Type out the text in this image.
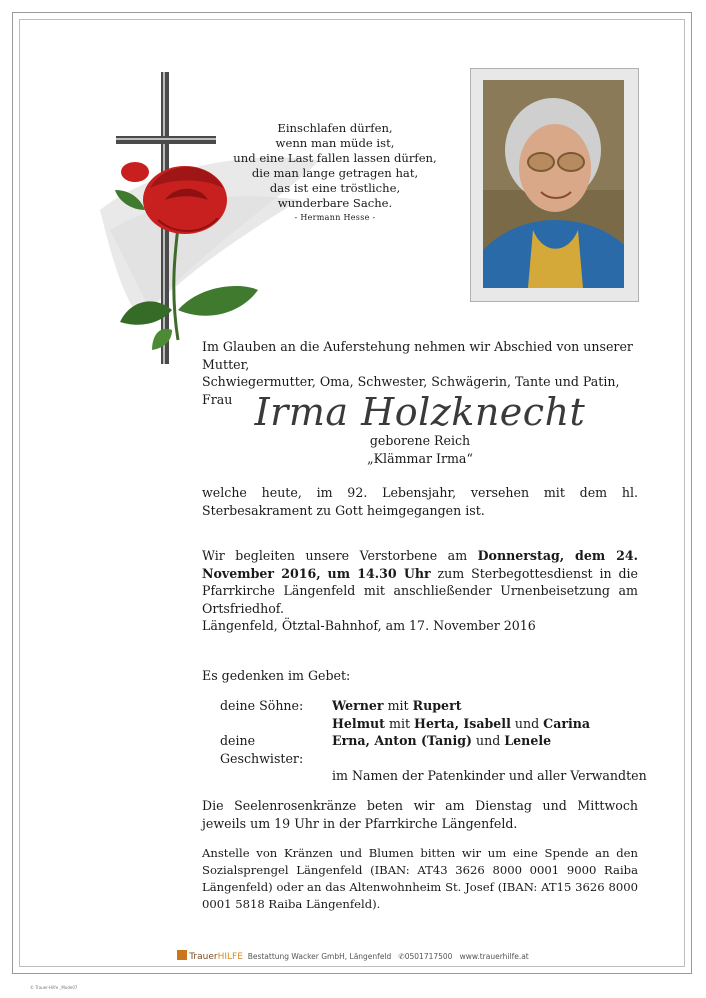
Einschlafen dürfen,
wenn man müde ist,
und eine Last fallen lassen dürfen,
die man lange getragen hat,
das ist eine tröstliche,
wunderbare Sache.
- Hermann Hesse -
Im Glauben an die Auferstehung nehmen wir Abschied von unserer Mutter,
Schwiegermutter, Oma, Schwester, Schwägerin, Tante und Patin, Frau Irma Holzknecht
geborene Reich
„Klämmar Irma“
welche heute, im 92. Lebensjahr, versehen mit dem hl. Sterbesakrament zu Gott heimgegangen ist.
Wir begleiten unsere Verstorbene am Donnerstag, dem 24. November 2016, um 14.30 Uhr zum Sterbegottesdienst in die Pfarrkirche Längenfeld mit anschließender Urnenbeisetzung am Ortsfriedhof.
Längenfeld, Ötztal-Bahnhof, am 17. November 2016
Es gedenken im Gebet:
deine Söhne:	Werner mit Rupert
Helmut mit Herta, Isabell und Carina
deine Geschwister:
Erna, Anton (Tanig) und Lenele
im Namen der Patenkinder und aller Verwandten
Die Seelenrosenkränze beten wir am Dienstag und Mittwoch jeweils um 19 Uhr in der Pfarrkirche Längenfeld.
Anstelle von Kränzen und Blumen bitten wir um eine Spende an den Sozialsprengel Längenfeld (IBAN: AT43 3626 8000 0001 9000 Raiba Längenfeld) oder an das Altenwohnheim St. Josef (IBAN: AT15 3626 8000 0001 5818 Raiba Längenfeld).
TrauerHILFE Bestattung Wacker GmbH, Längenfeld ✆0501717500 www.trauerhilfe.at
© Trauer-Hilfe _Mode07
